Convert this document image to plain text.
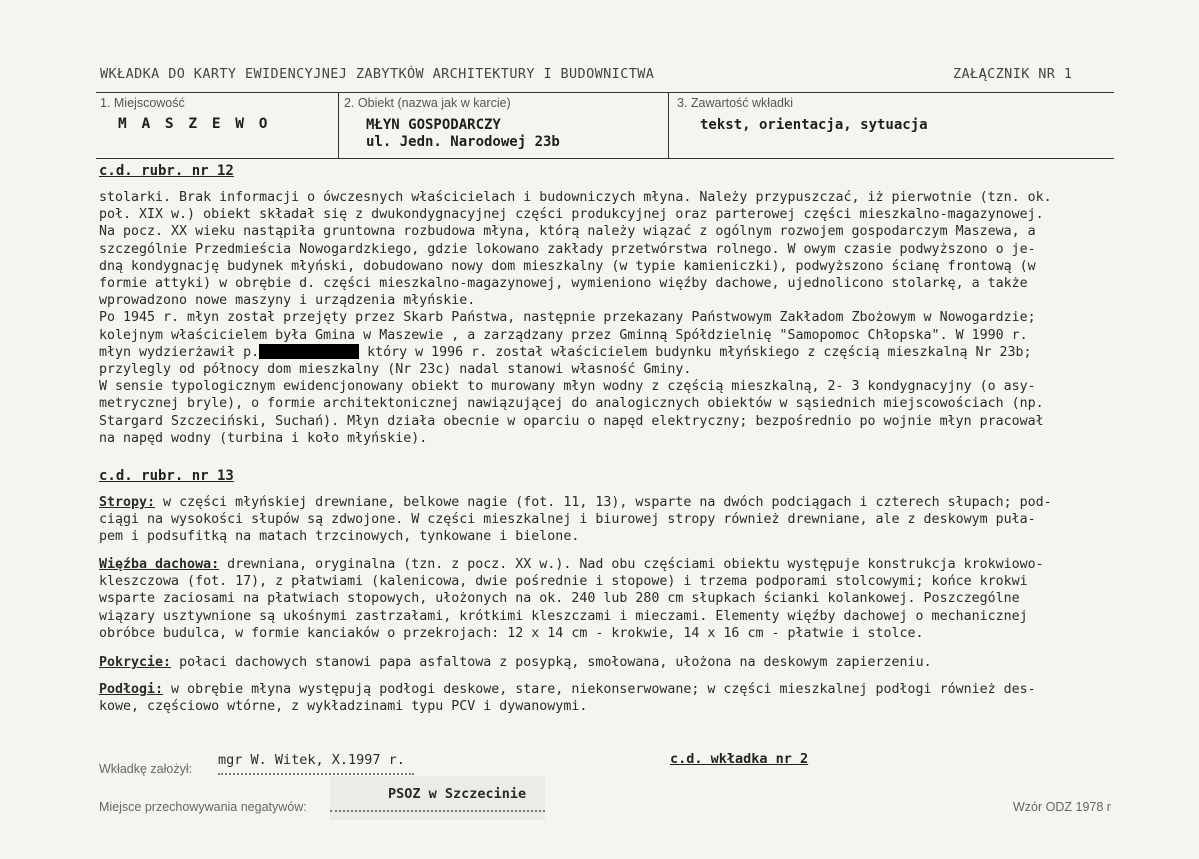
WKŁADKA DO KARTY EWIDENCYJNEJ ZABYTKÓW ARCHITEKTURY I BUDOWNICTWA	ZAŁĄCZNIK NR 1
1. Miejscowość
M A S Z E W O
2. Obiekt (nazwa jak w karcie)
MŁYN GOSPODARCZY
ul. Jedn. Narodowej 23b
3. Zawartość wkładki
tekst, orientacja, sytuacja
c.d. rubr. nr 12
stolarki. Brak informacji o ówczesnych właścicielach i budowniczych młyna. Należy przypuszczać, iż pierwotnie (tzn. ok.
poł. XIX w.) obiekt składał się z dwukondygnacyjnej części produkcyjnej oraz parterowej części mieszkalno-magazynowej.
Na pocz. XX wieku nastąpiła gruntowna rozbudowa młyna, którą należy wiązać z ogólnym rozwojem gospodarczym Maszewa, a
szczególnie Przedmieścia Nowogardzkiego, gdzie lokowano zakłady przetwórstwa rolnego. W owym czasie podwyższono o je-
dną kondygnację budynek młyński, dobudowano nowy dom mieszkalny (w typie kamieniczki), podwyższono ścianę frontową (w
formie attyki) w obrębie d. części mieszkalno-magazynowej, wymieniono więźby dachowe, ujednolicono stolarkę, a także
wprowadzono nowe maszyny i urządzenia młyńskie.
Po 1945 r. młyn został przejęty przez Skarb Państwa, następnie przekazany Państwowym Zakładom Zbożowym w Nowogardzie;
kolejnym właścicielem była Gmina w Maszewie , a zarządzany przez Gminną Spółdzielnię "Samopomoc Chłopska". W 1990 r.
młyn wydzierżawił p.	który w 1996 r. został właścicielem budynku młyńskiego z częścią mieszkalną Nr 23b;
przylegly od północy dom mieszkalny (Nr 23c) nadal stanowi własność Gminy.
W sensie typologicznym ewidencjonowany obiekt to murowany młyn wodny z częścią mieszkalną, 2- 3 kondygnacyjny (o asy-
metrycznej bryle), o formie architektonicznej nawiązującej do analogicznych obiektów w sąsiednich miejscowościach (np.
Stargard Szczeciński, Suchań). Młyn działa obecnie w oparciu o napęd elektryczny; bezpośrednio po wojnie młyn pracował
na napęd wodny (turbina i koło młyńskie).
c.d. rubr. nr 13
Stropy: w części młyńskiej drewniane, belkowe nagie (fot. 11, 13), wsparte na dwóch podciągach i czterech słupach; pod-
ciągi na wysokości słupów są zdwojone. W części mieszkalnej i biurowej stropy również drewniane, ale z deskowym puła-
pem i podsufitką na matach trzcinowych, tynkowane i bielone.
Więźba dachowa: drewniana, oryginalna (tzn. z pocz. XX w.). Nad obu częściami obiektu występuje konstrukcja krokwiowo-
kleszczowa (fot. 17), z płatwiami (kalenicowa, dwie pośrednie i stopowe) i trzema podporami stolcowymi; końce krokwi
wsparte zaciosami na płatwiach stopowych, ułożonych na ok. 240 lub 280 cm słupkach ścianki kolankowej. Poszczególne
wiązary usztywnione są ukośnymi zastrzałami, krótkimi kleszczami i mieczami. Elementy więźby dachowej o mechanicznej
obróbce budulca, w formie kanciaków o przekrojach: 12 x 14 cm - krokwie, 14 x 16 cm - płatwie i stolce.
Pokrycie: połaci dachowych stanowi papa asfaltowa z posypką, smołowana, ułożona na deskowym zapierzeniu.
Podłogi: w obrębie młyna występują podłogi deskowe, stare, niekonserwowane; w części mieszkalnej podłogi również des-
kowe, częściowo wtórne, z wykładzinami typu PCV i dywanowymi.
Wkładkę założył:
mgr W. Witek, X.1997 r.	c.d. wkładka nr 2
Miejsce przechowywania negatywów:
PSOZ w Szczecinie
Wzór ODZ 1978 r
